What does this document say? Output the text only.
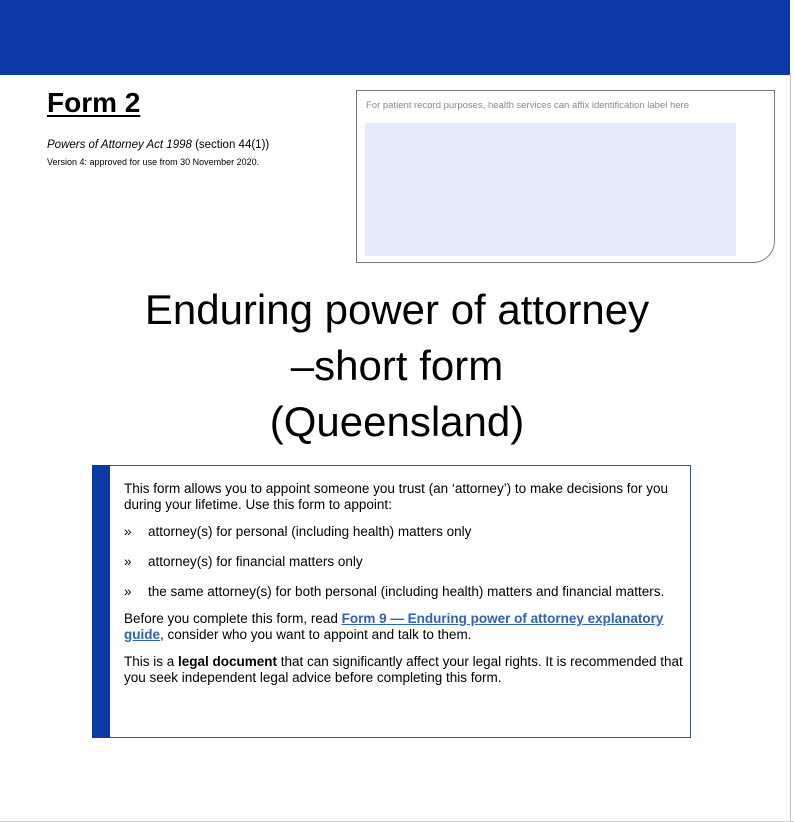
Form 2
Powers of Attorney Act 1998 (section 44(1))
Version 4: approved for use from 30 November 2020.
For patient record purposes, health services can affix identification label here
Enduring power of attorney
–short form
(Queensland)

This form allows you to appoint someone you trust (an ‘attorney’) to make decisions for you during your lifetime. Use this form to appoint:

» attorney(s) for personal (including health) matters only
» attorney(s) for financial matters only
» the same attorney(s) for both personal (including health) matters and financial matters.

Before you complete this form, read Form 9 — Enduring power of attorney explanatory guide, consider who you want to appoint and talk to them.

This is a legal document that can significantly affect your legal rights. It is recommended that you seek independent legal advice before completing this form.
